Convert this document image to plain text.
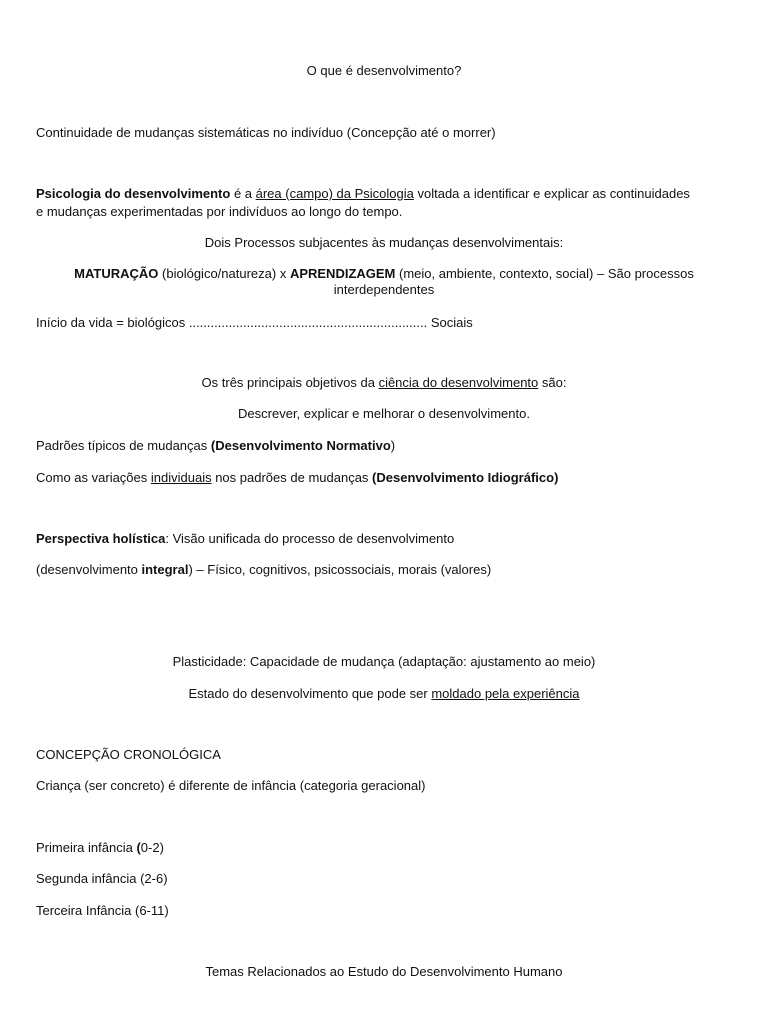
O que é desenvolvimento?
Continuidade de mudanças sistemáticas no indivíduo (Concepção até o morrer)
Psicologia do desenvolvimento é a área (campo) da Psicologia voltada a identificar e explicar as continuidades
e mudanças experimentadas por indivíduos ao longo do tempo.
Dois Processos subjacentes às mudanças desenvolvimentais:
MATURAÇÃO (biológico/natureza) x APRENDIZAGEM (meio, ambiente, contexto, social) – São processos
interdependentes
Início da vida = biológicos .................................................................. Sociais
Os três principais objetivos da ciência do desenvolvimento são:
Descrever, explicar e melhorar o desenvolvimento.
Padrões típicos de mudanças (Desenvolvimento Normativo)
Como as variações individuais nos padrões de mudanças (Desenvolvimento Idiográfico)
Perspectiva holística: Visão unificada do processo de desenvolvimento
(desenvolvimento integral) – Físico, cognitivos, psicossociais, morais (valores)
Plasticidade: Capacidade de mudança (adaptação: ajustamento ao meio)
Estado do desenvolvimento que pode ser moldado pela experiência
CONCEPÇÃO CRONOLÓGICA
Criança (ser concreto) é diferente de infância (categoria geracional)
Primeira infância (0-2)
Segunda infância (2-6)
Terceira Infância (6-11)
Temas Relacionados ao Estudo do Desenvolvimento Humano
